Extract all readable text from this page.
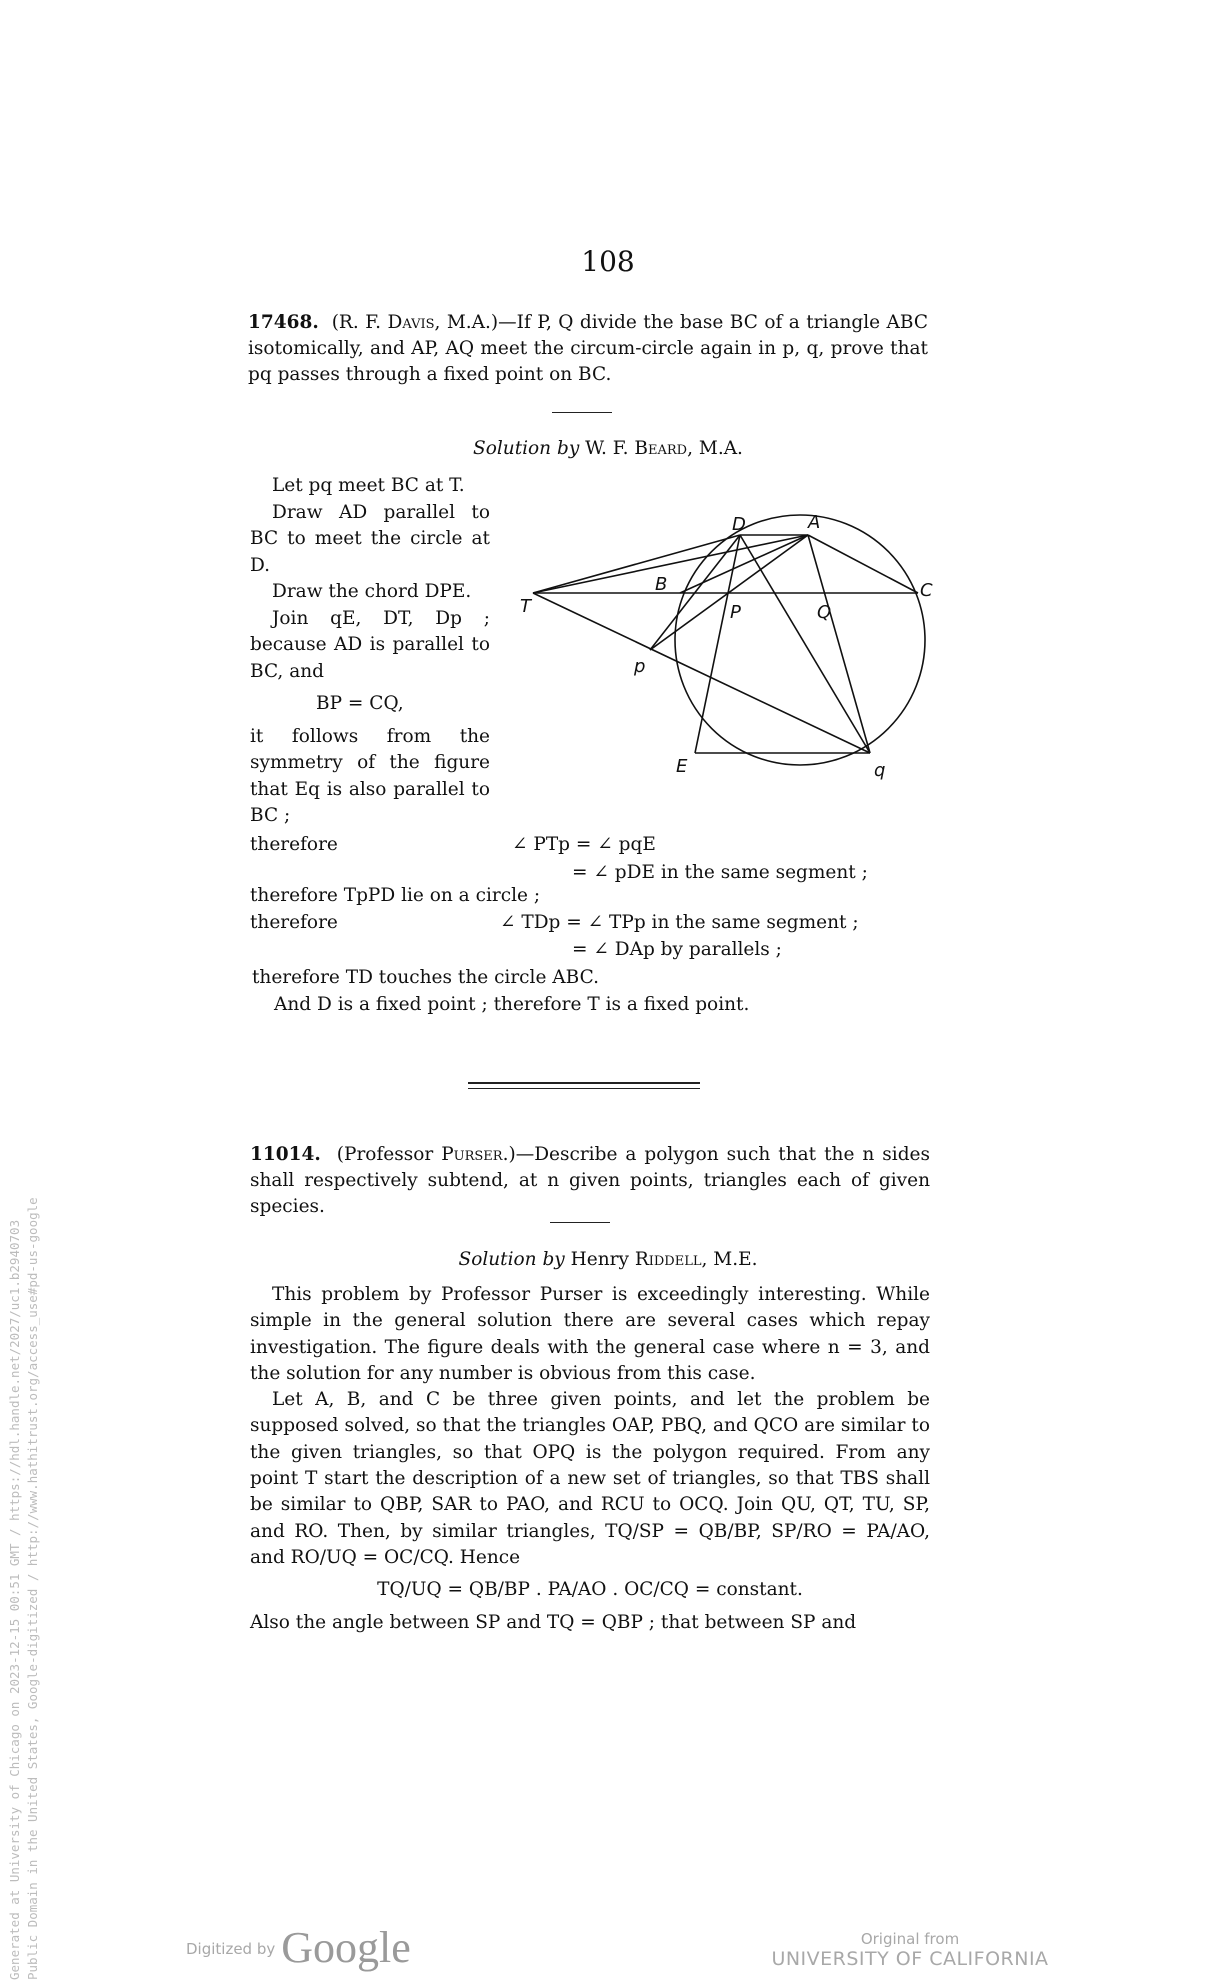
108

17468. (R. F. Davis, M.A.)—If P, Q divide the base BC of a triangle ABC isotomically, and AP, AQ meet the circum-circle again in p, q, prove that pq passes through a fixed point on BC.

Solution by W. F. Beard, M.A.
Let pq meet BC at T.
Draw AD parallel to BC to meet the circle at D.
Draw the chord DPE.
Join qE, DT, Dp ; because AD is parallel to BC, and
BP = CQ,
it follows from the symmetry of the figure that Eq is also parallel to BC ;
therefore	∠ PTp = ∠ pqE
= ∠ pDE in the same segment ;
therefore TpPD lie on a circle ;
therefore	∠ TDp = ∠ TPp in the same segment ;
= ∠ DAp by parallels ;
therefore TD touches the circle ABC.
And D is a fixed point ; therefore T is a fixed point.
T
B
D	A
C
P	Q
p
E	q

11014. (Professor Purser.)—Describe a polygon such that the n sides shall respectively subtend, at n given points, triangles each of given species.

Solution by Henry Riddell, M.E.
This problem by Professor Purser is exceedingly interesting. While simple in the general solution there are several cases which repay investigation. The figure deals with the general case where n = 3, and the solution for any number is obvious from this case.
Let A, B, and C be three given points, and let the problem be supposed solved, so that the triangles OAP, PBQ, and QCO are similar to the given triangles, so that OPQ is the polygon required. From any point T start the description of a new set of triangles, so that TBS shall be similar to QBP, SAR to PAO, and RCU to OCQ. Join QU, QT, TU, SP, and RO. Then, by similar triangles, TQ/SP = QB/BP, SP/RO = PA/AO, and RO/UQ = OC/CQ. Hence
TQ/UQ = QB/BP . PA/AO . OC/CQ = constant.
Also the angle between SP and TQ = QBP ; that between SP and
Generated at University of Chicago on 2023-12-15 00:51 GMT / https://hdl.handle.net/2027/uc1.b2940703 Public Domain in the United States, Google-digitized / http://www.hathitrust.org/access_use#pd-us-google	Digitized by Google	Original from
UNIVERSITY OF CALIFORNIA
